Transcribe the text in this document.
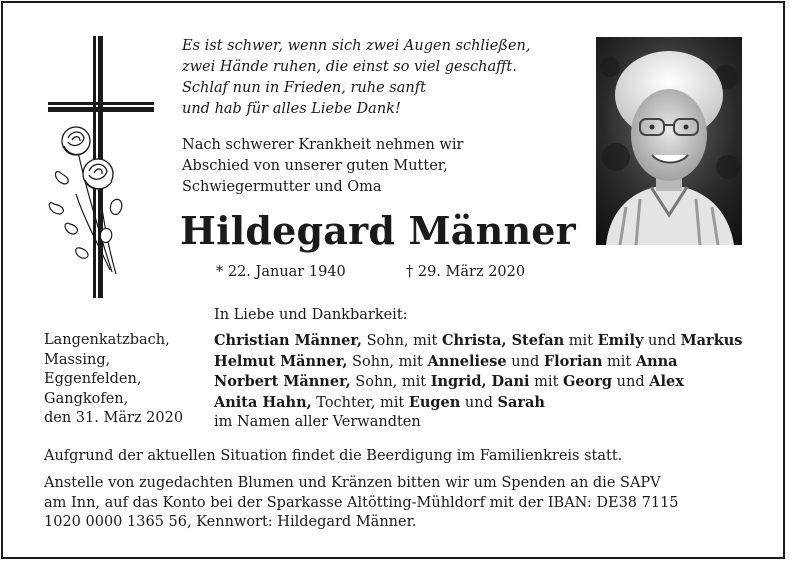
Es ist schwer, wenn sich zwei Augen schließen,
zwei Hände ruhen, die einst so viel geschafft.
Schlaf nun in Frieden, ruhe sanft
und hab für alles Liebe Dank!
Nach schwerer Krankheit nehmen wir
Abschied von unserer guten Mutter,
Schwiegermutter und Oma
Hildegard Männer
* 22. Januar 1940	† 29. März 2020
In Liebe und Dankbarkeit:
Langenkatzbach,
Massing,
Eggenfelden,
Gangkofen,
den 31. März 2020
Christian Männer, Sohn, mit Christa, Stefan mit Emily und Markus
Helmut Männer, Sohn, mit Anneliese und Florian mit Anna
Norbert Männer, Sohn, mit Ingrid, Dani mit Georg und Alex
Anita Hahn, Tochter, mit Eugen und Sarah
im Namen aller Verwandten
Aufgrund der aktuellen Situation findet die Beerdigung im Familienkreis statt.
Anstelle von zugedachten Blumen und Kränzen bitten wir um Spenden an die SAPV
am Inn, auf das Konto bei der Sparkasse Altötting-Mühldorf mit der IBAN: DE38 7115
1020 0000 1365 56, Kennwort: Hildegard Männer.
